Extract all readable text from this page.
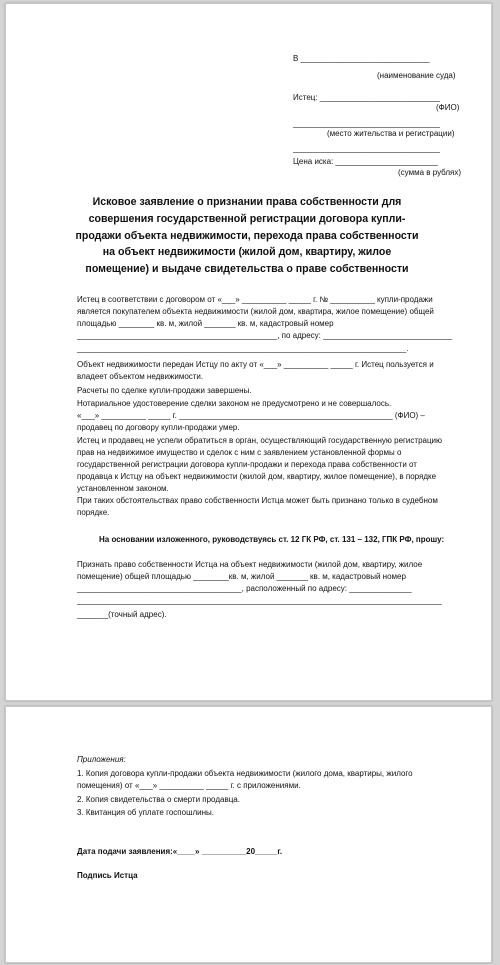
В _____________________________
(наименование суда)
Истец: ___________________________
(ФИО)
_________________________________
(место жительства и регистрации)
_________________________________
Цена иска: _______________________
(сумма в рублях)
Исковое заявление о признании права собственности для совершения государственной регистрации договора купли-продажи объекта недвижимости, перехода права собственности на объект недвижимости (жилой дом, квартиру, жилое помещение) и выдаче свидетельства о праве собственности
Истец в соответствии с договором от «___» __________ _____ г. № __________ купли-продажи
является покупателем объекта недвижимости (жилой дом, квартира, жилое помещение) общей
площадью ________ кв. м, жилой _______ кв. м, кадастровый номер
_____________________________________________, по адресу: _____________________________
__________________________________________________________________________.
Объект недвижимости передан Истцу по акту от «___» __________ _____ г. Истец пользуется и
владеет объектом недвижимости.
Расчеты по сделке купли-продажи завершены.
Нотариальное удостоверение сделки законом не предусмотрено и не совершалось.
«___» __________ _____ г. ________________________________________________ (ФИО) –
продавец по договору купли-продажи умер.
Истец и продавец не успели обратиться в орган, осуществляющий государственную регистрацию
прав на недвижимое имущество и сделок с ним с заявлением установленной формы о
государственной регистрации договора купли-продажи и перехода права собственности от
продавца к Истцу на объект недвижимости (жилой дом, квартиру, жилое помещение), в порядке
установленном законом.
При таких обстоятельствах право собственности Истца может быть признано только в судебном
порядке.
На основании изложенного, руководствуясь ст. 12 ГК РФ, ст. 131 – 132, ГПК РФ, прошу:
Признать право собственности Истца на объект недвижимости (жилой дом, квартиру, жилое
помещение) общей площадью ________кв. м, жилой _______ кв. м, кадастровый номер
_____________________________________, расположенный по адресу: ______________
__________________________________________________________________________________
_______(точный адрес).
Приложения:
1. Копия договора купли-продажи объекта недвижимости (жилого дома, квартиры, жилого
помещения) от «___» __________ _____ г. с приложениями.
2. Копия свидетельства о смерти продавца.
3. Квитанция об уплате госпошлины.
Дата подачи заявления:«____» __________20_____г.
Подпись Истца
